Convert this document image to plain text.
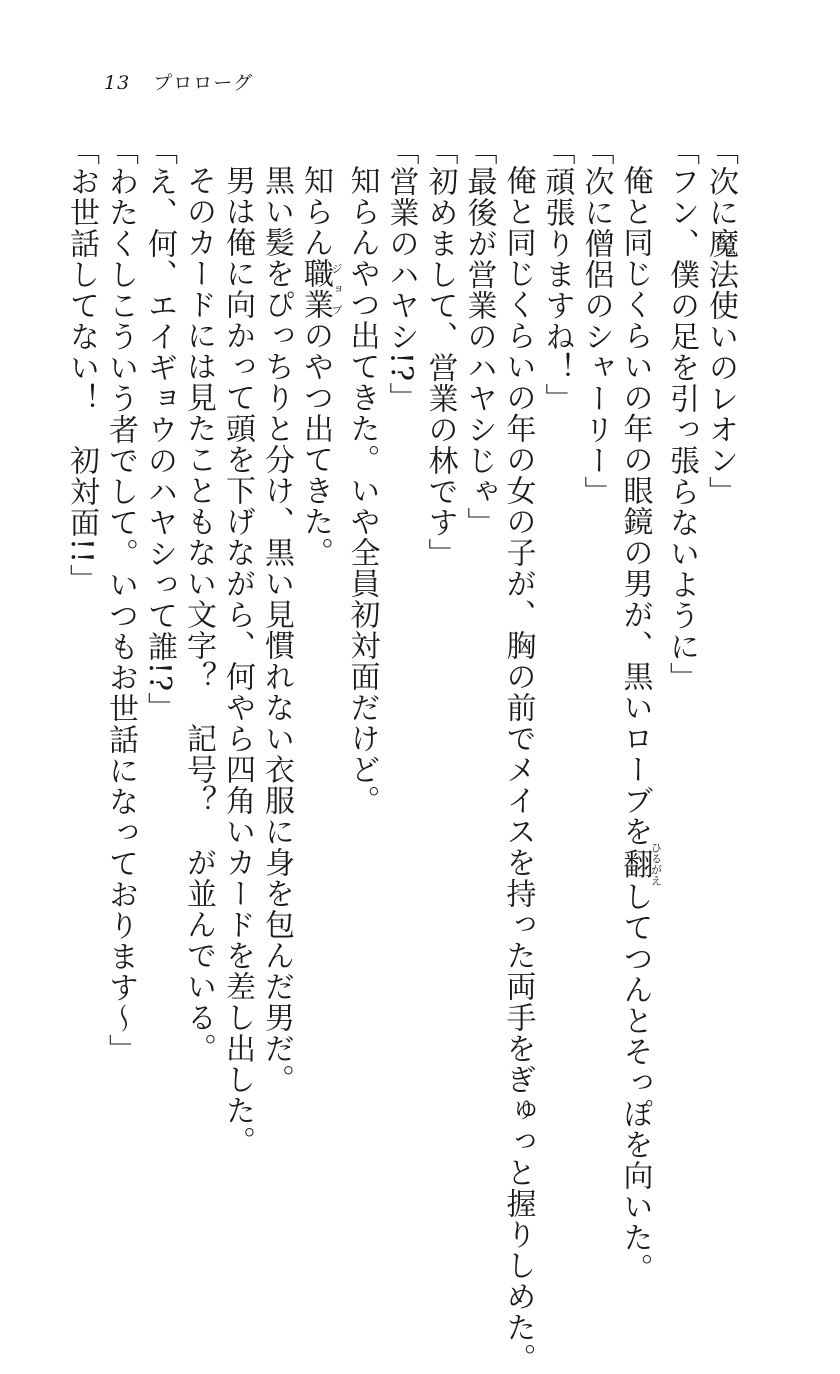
13 プロローグ

「次に魔法使いのレオン」

「フン、僕の足を引っ張らないように」

俺と同じくらいの年の眼鏡の男が、黒いローブを翻ひるがえしてつんとそっぽを向いた。

「次に僧侶のシャーリー」

「頑張りますね！」

俺と同じくらいの年の女の子が、胸の前でメイスを持った両手をぎゅっと握りしめた。

「最後が営業のハヤシじゃ」

「初めまして、営業の林です」

「営業のハヤシ!?」

知らんやつ出てきた。いや全員初対面だけど。

知らん職業ジョブのやつ出てきた。

黒い髪をぴっちりと分け、黒い見慣れない衣服に身を包んだ男だ。

男は俺に向かって頭を下げながら、何やら四角いカードを差し出した。

そのカードには見たこともない文字？　記号？　が並んでいる。

「え、何、エイギョウのハヤシって誰!?」

「わたくしこういう者でして。いつもお世話になっております～」

「お世話してない！　初対面!!」
